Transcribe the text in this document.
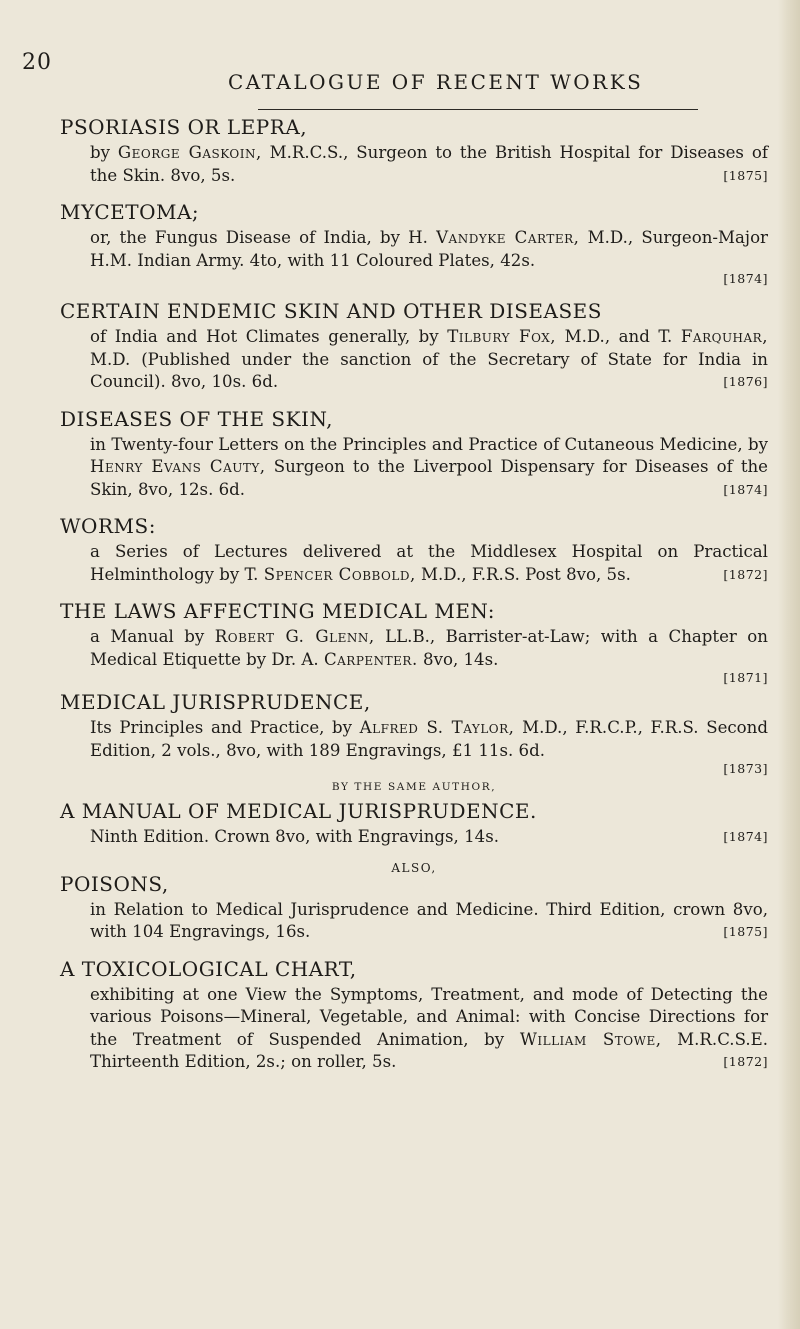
20
CATALOGUE OF RECENT WORKS

PSORIASIS OR LEPRA,

by George Gaskoin, M.R.C.S., Surgeon to the British Hospital for Diseases of the Skin. 8vo, 5s.	[1875]

MYCETOMA;

or, the Fungus Disease of India, by H. Vandyke Carter, M.D., Surgeon-Major H.M. Indian Army. 4to, with 11 Coloured Plates, 42s.

[1874]

CERTAIN ENDEMIC SKIN AND OTHER DISEASES

of India and Hot Climates generally, by Tilbury Fox, M.D., and T. Farquhar, M.D. (Published under the sanction of the Secretary of State for India in Council). 8vo, 10s. 6d.	[1876]

DISEASES OF THE SKIN,

in Twenty-four Letters on the Principles and Practice of Cutaneous Medicine, by Henry Evans Cauty, Surgeon to the Liverpool Dispensary for Diseases of the Skin, 8vo, 12s. 6d.	[1874]

WORMS:

a Series of Lectures delivered at the Middlesex Hospital on Practical Helminthology by T. Spencer Cobbold, M.D., F.R.S. Post 8vo, 5s.	[1872]

THE LAWS AFFECTING MEDICAL MEN:

a Manual by Robert G. Glenn, LL.B., Barrister-at-Law; with a Chapter on Medical Etiquette by Dr. A. Carpenter. 8vo, 14s.

[1871]

MEDICAL JURISPRUDENCE,

Its Principles and Practice, by Alfred S. Taylor, M.D., F.R.C.P., F.R.S. Second Edition, 2 vols., 8vo, with 189 Engravings, £1 11s. 6d.

[1873]

BY THE SAME AUTHOR,

A MANUAL OF MEDICAL JURISPRUDENCE.

Ninth Edition. Crown 8vo, with Engravings, 14s.	[1874]

ALSO,

POISONS,

in Relation to Medical Jurisprudence and Medicine. Third Edition, crown 8vo, with 104 Engravings, 16s.	[1875]

A TOXICOLOGICAL CHART,

exhibiting at one View the Symptoms, Treatment, and mode of Detecting the various Poisons—Mineral, Vegetable, and Animal: with Concise Directions for the Treatment of Suspended Animation, by William Stowe, M.R.C.S.E. Thirteenth Edition, 2s.; on roller, 5s.	[1872]
